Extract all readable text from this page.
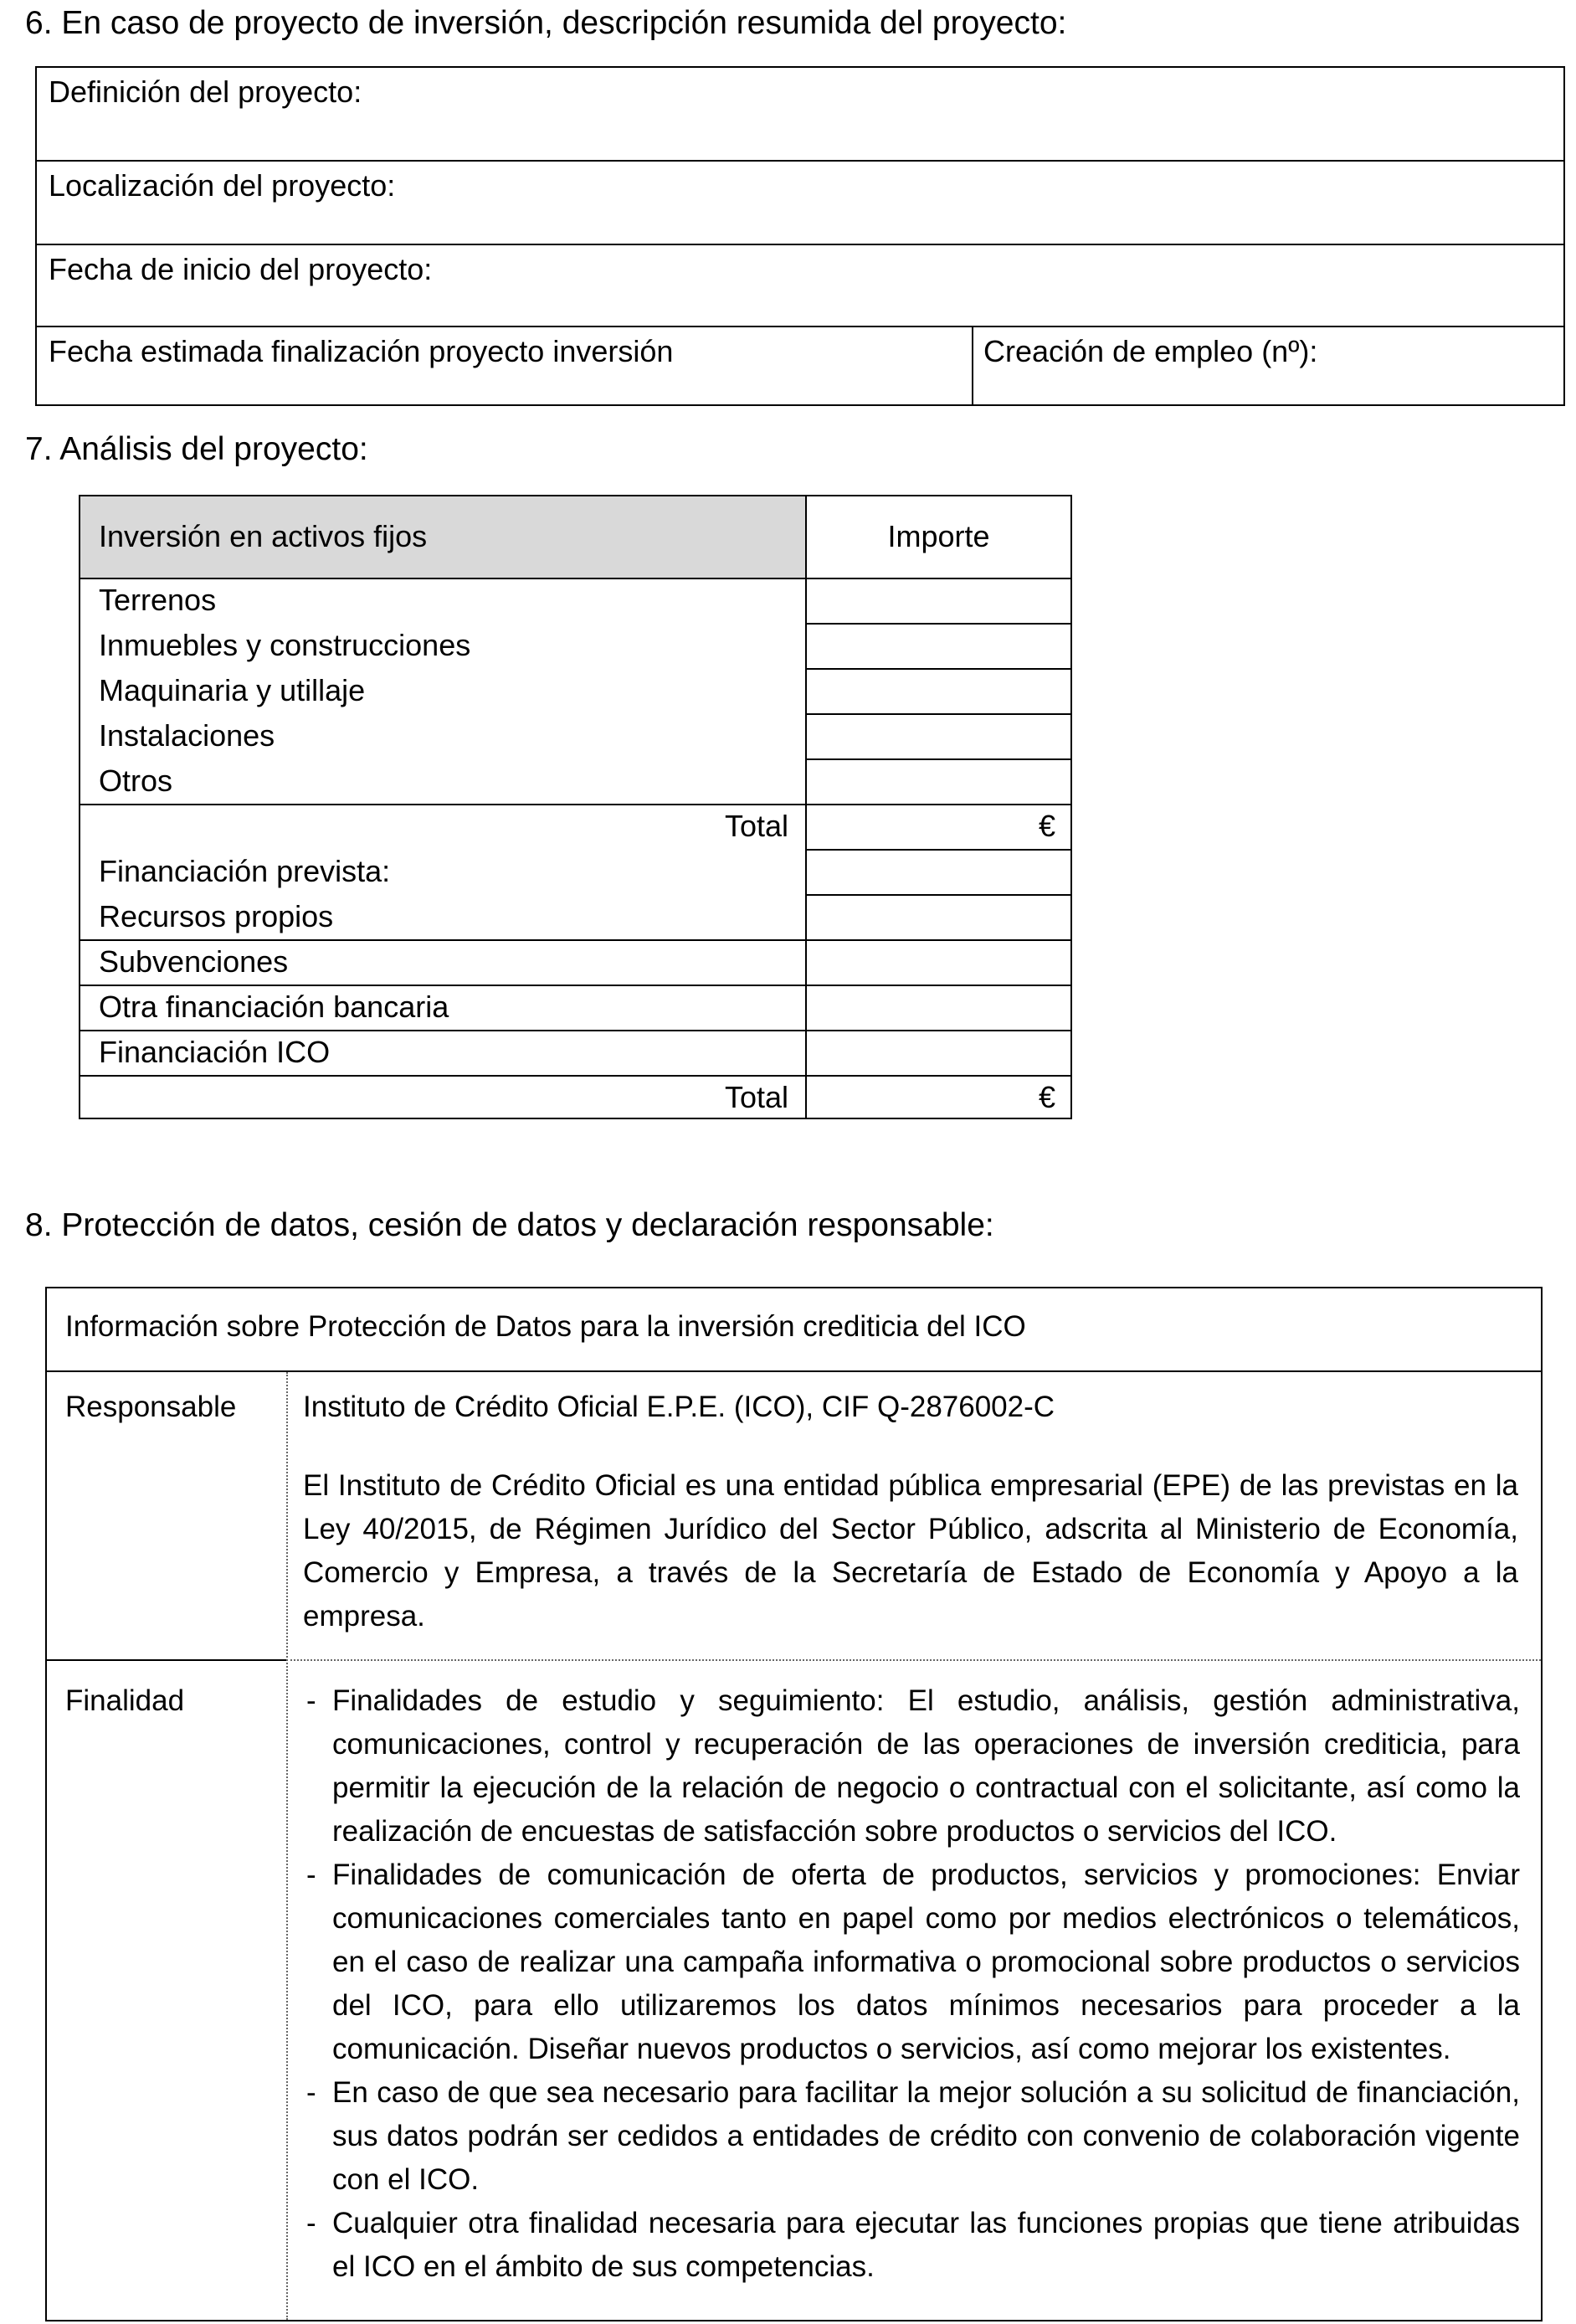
6. En caso de proyecto de inversión, descripción resumida del proyecto:
Definición del proyecto:
Localización del proyecto:
Fecha de inicio del proyecto:
Fecha estimada finalización proyecto inversión	Creación de empleo (nº):
7. Análisis del proyecto:
Inversión en activos fijos	Importe
Terrenos
Inmuebles y construcciones
Maquinaria y utillaje
Instalaciones
Otros
Total	€
Financiación prevista:
Recursos propios
Subvenciones
Otra financiación bancaria
Financiación ICO
Total	€
8. Protección de datos, cesión de datos y declaración responsable:
Información sobre Protección de Datos para la inversión crediticia del ICO
Responsable Instituto de Crédito Oficial E.P.E. (ICO), CIF Q-2876002-C
El Instituto de Crédito Oficial es una entidad pública empresarial (EPE) de las previstas en la Ley 40/2015, de Régimen Jurídico del Sector Público, adscrita al Ministerio de Economía, Comercio y Empresa, a través de la Secretaría de Estado de Economía y Apoyo a la empresa.
Finalidad	- Finalidades de estudio y seguimiento: El estudio, análisis, gestión administrativa, comunicaciones, control y recuperación de las operaciones de inversión crediticia, para permitir la ejecución de la relación de negocio o contractual con el solicitante, así como la realización de encuestas de satisfacción sobre productos o servicios del ICO.
- Finalidades de comunicación de oferta de productos, servicios y promociones: Enviar comunicaciones comerciales tanto en papel como por medios electrónicos o telemáticos, en el caso de realizar una campaña informativa o promocional sobre productos o servicios del ICO, para ello utilizaremos los datos mínimos necesarios para proceder a la comunicación. Diseñar nuevos productos o servicios, así como mejorar los existentes.
- En caso de que sea necesario para facilitar la mejor solución a su solicitud de financiación, sus datos podrán ser cedidos a entidades de crédito con convenio de colaboración vigente con el ICO.
- Cualquier otra finalidad necesaria para ejecutar las funciones propias que tiene atribuidas el ICO en el ámbito de sus competencias.
